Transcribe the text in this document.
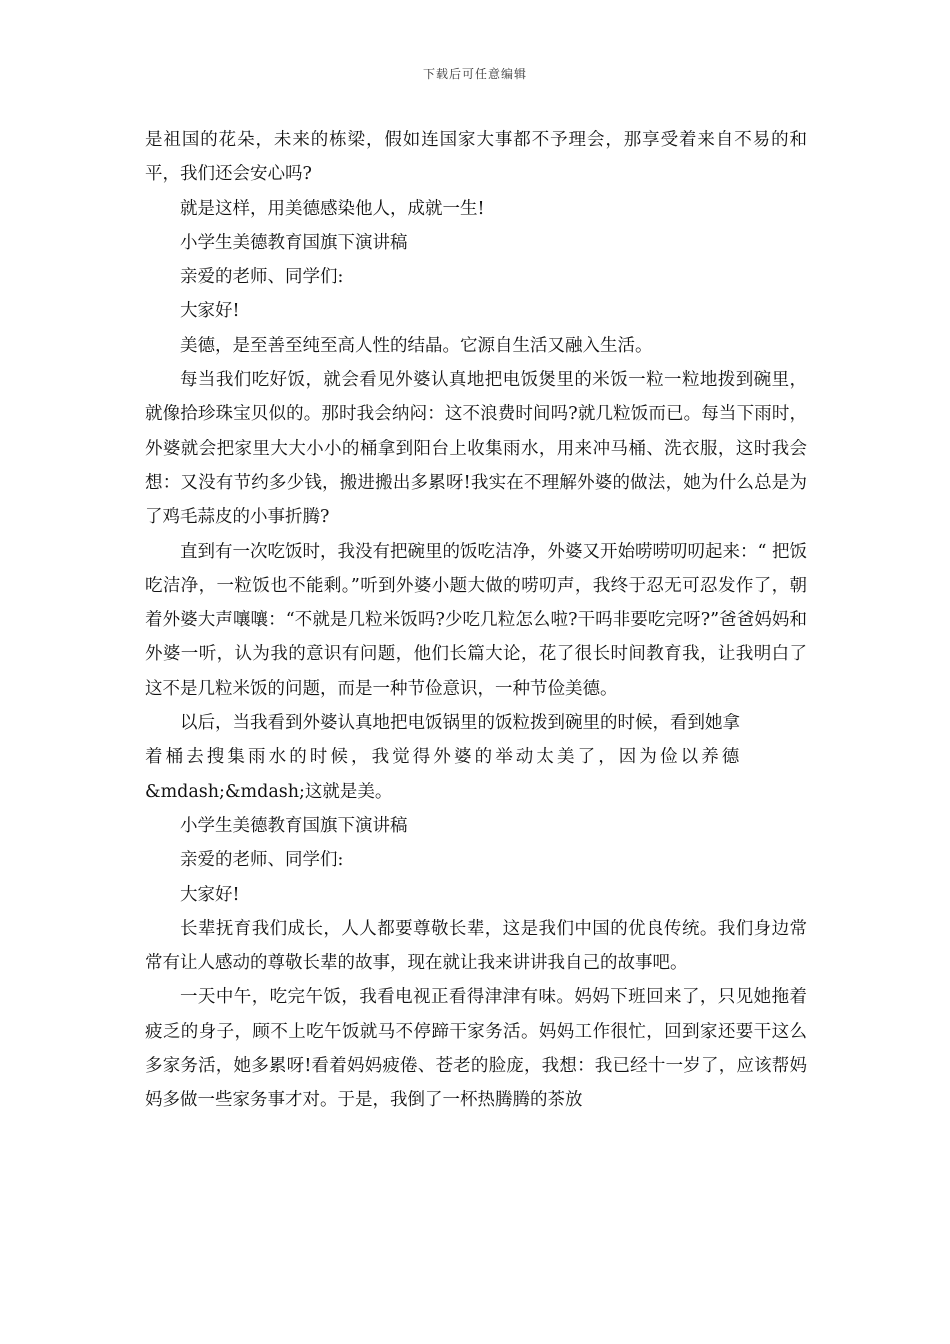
下载后可任意编辑

是祖国的花朵，未来的栋梁，假如连国家大事都不予理会，那享受着来自不易的和平，我们还会安心吗?

就是这样，用美德感染他人，成就一生!

小学生美德教育国旗下演讲稿

亲爱的老师、同学们:

大家好!

美德，是至善至纯至高人性的结晶。它源自生活又融入生活。

每当我们吃好饭，就会看见外婆认真地把电饭煲里的米饭一粒一粒地拨到碗里，就像拾珍珠宝贝似的。那时我会纳闷：这不浪费时间吗?就几粒饭而已。每当下雨时，外婆就会把家里大大小小的桶拿到阳台上收集雨水，用来冲马桶、洗衣服，这时我会想：又没有节约多少钱，搬进搬出多累呀!我实在不理解外婆的做法，她为什么总是为了鸡毛蒜皮的小事折腾?

直到有一次吃饭时，我没有把碗里的饭吃洁净，外婆又开始唠唠叨叨起来：“ 把饭吃洁净，一粒饭也不能剩。”听到外婆小题大做的唠叨声，我终于忍无可忍发作了，朝着外婆大声嚷嚷：“不就是几粒米饭吗?少吃几粒怎么啦?干吗非要吃完呀?”爸爸妈妈和外婆一听，认为我的意识有问题，他们长篇大论，花了很长时间教育我，让我明白了这不是几粒米饭的问题，而是一种节俭意识，一种节俭美德。

以后，当我看到外婆认真地把电饭锅里的饭粒拨到碗里的时候，看到她拿

着桶去搜集雨水的时候，我觉得外婆的举动太美了，因为俭以养德

&mdash;&mdash;这就是美。

小学生美德教育国旗下演讲稿

亲爱的老师、同学们:

大家好!

长辈抚育我们成长，人人都要尊敬长辈，这是我们中国的优良传统。我们身边常常有让人感动的尊敬长辈的故事，现在就让我来讲讲我自己的故事吧。

一天中午，吃完午饭，我看电视正看得津津有味。妈妈下班回来了，只见她拖着疲乏的身子，顾不上吃午饭就马不停蹄干家务活。妈妈工作很忙，回到家还要干这么多家务活，她多累呀!看着妈妈疲倦、苍老的脸庞，我想：我已经十一岁了，应该帮妈妈多做一些家务事才对。于是，我倒了一杯热腾腾的茶放
